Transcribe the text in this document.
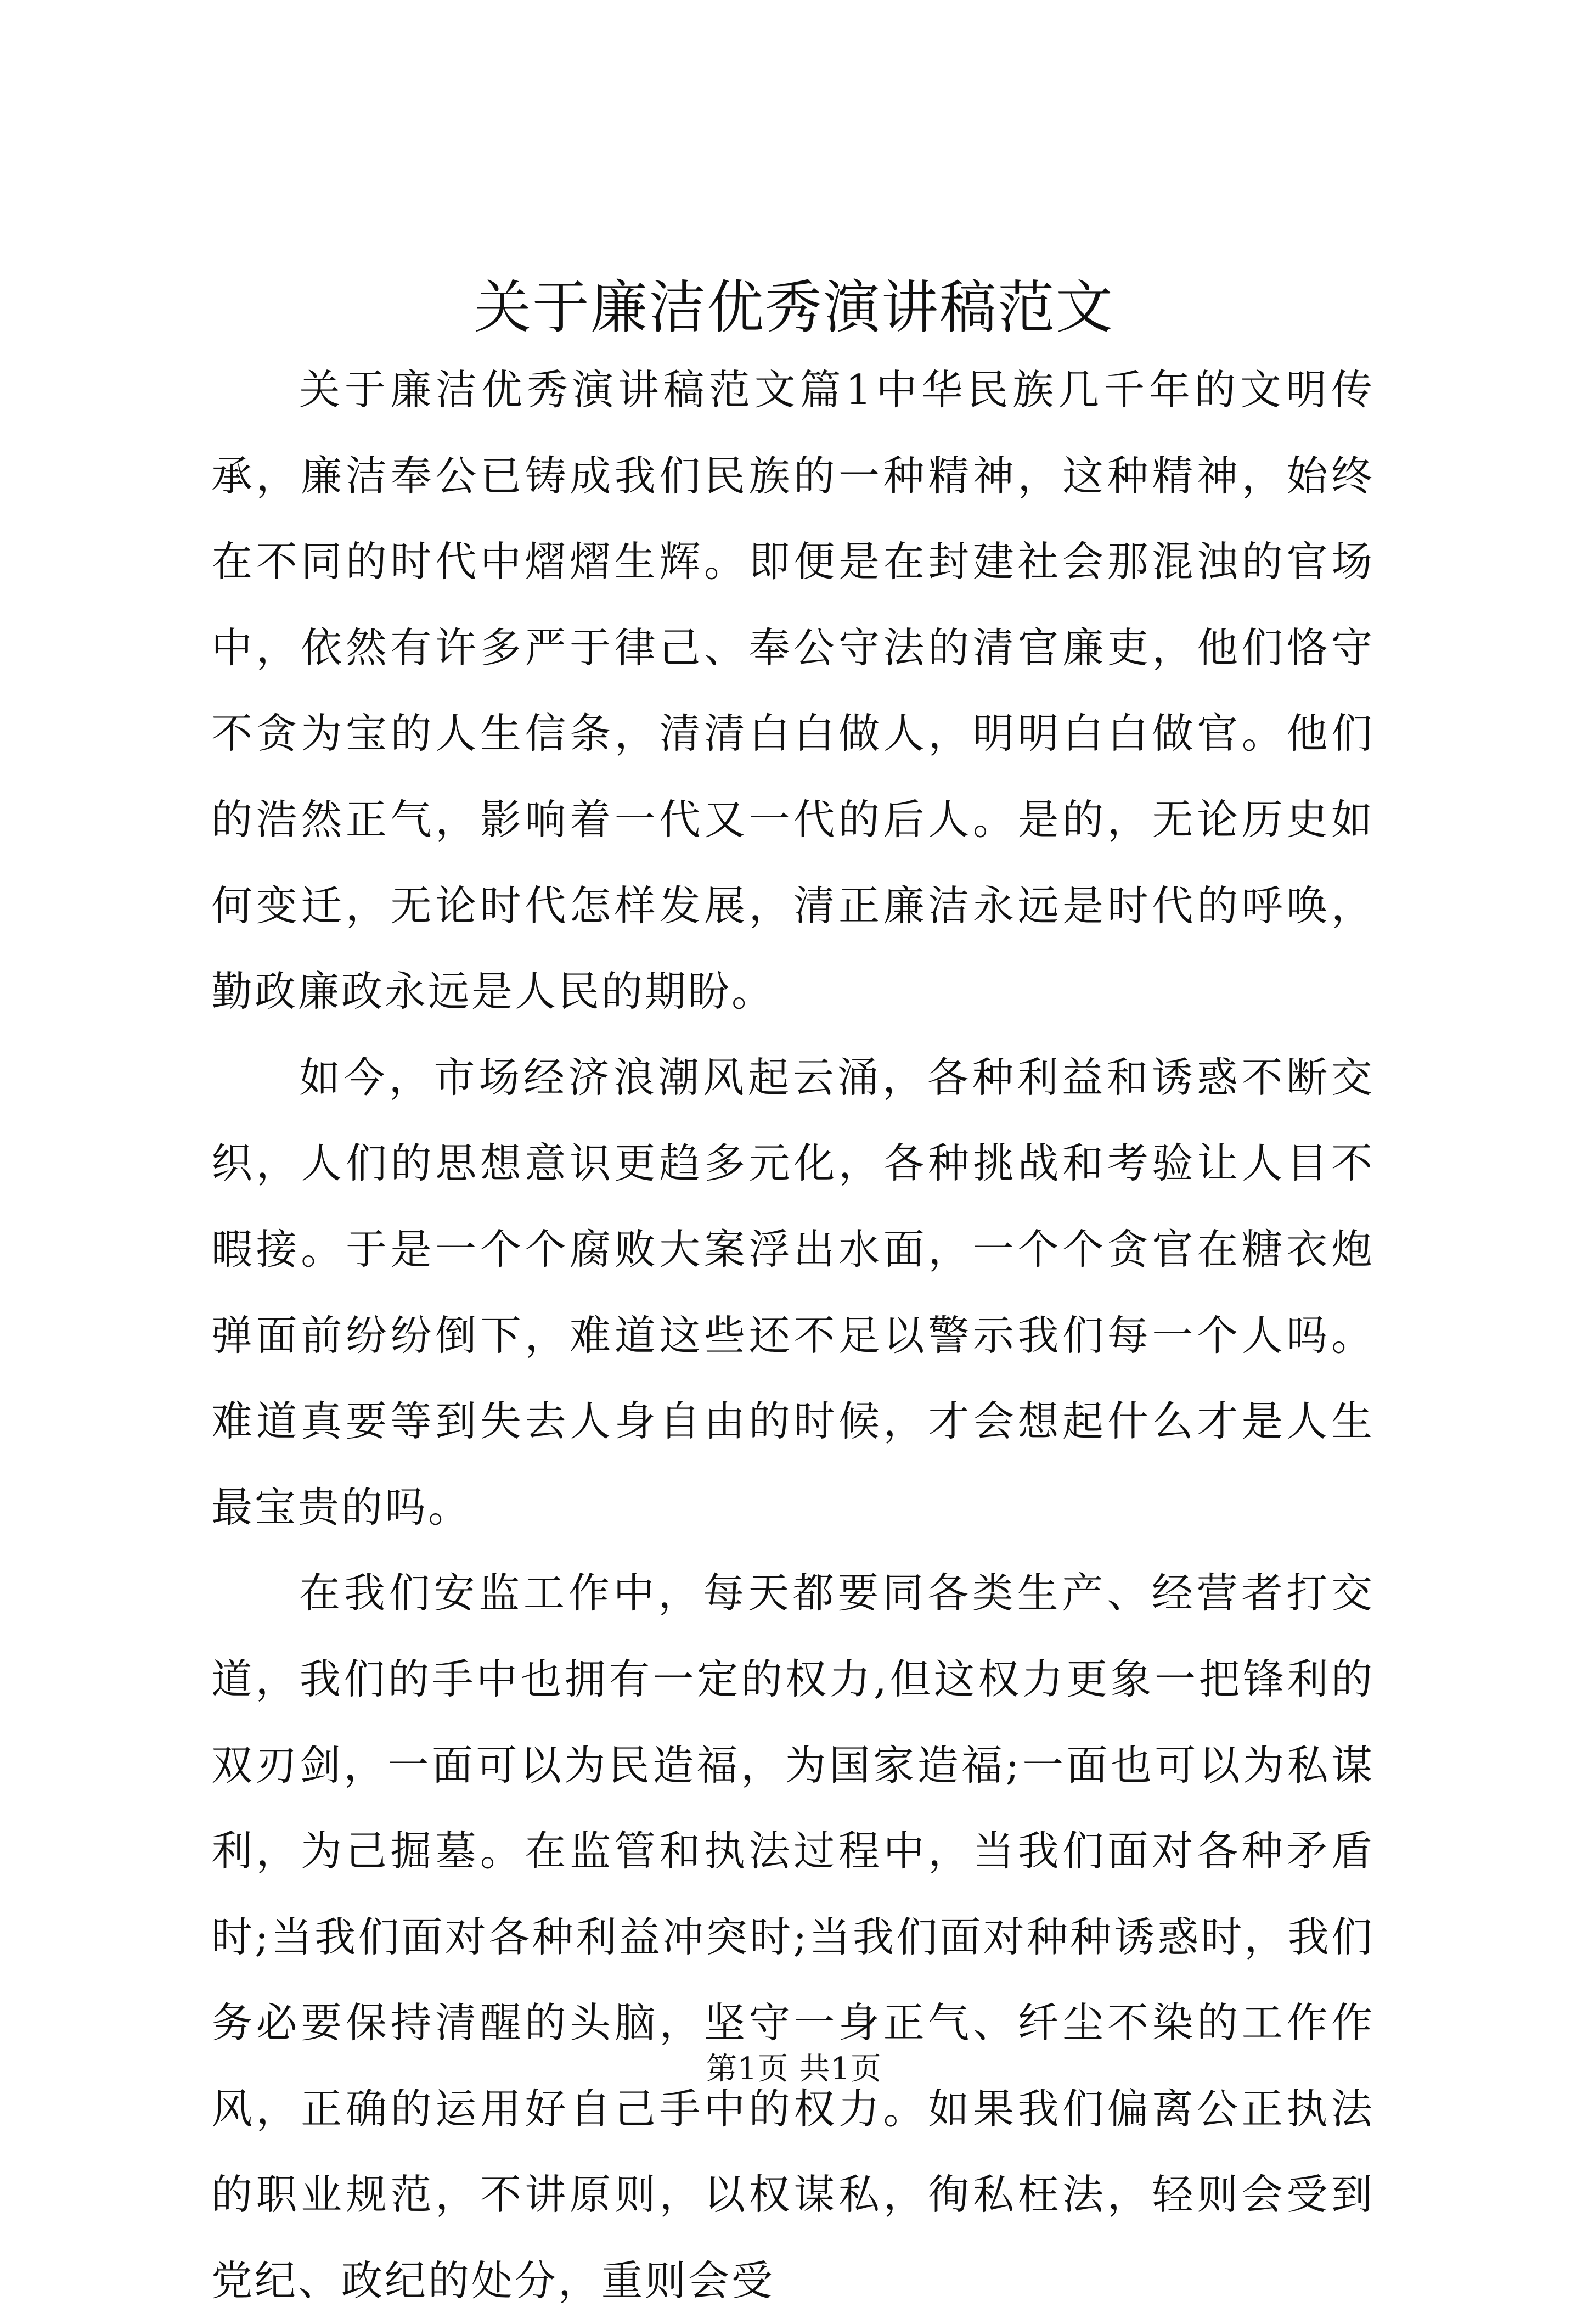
关于廉洁优秀演讲稿范文

关于廉洁优秀演讲稿范文篇1中华民族几千年的文明传承，廉洁奉公已铸成我们民族的一种精神，这种精神，始终在不同的时代中熠熠生辉。即便是在封建社会那混浊的官场中，依然有许多严于律己、奉公守法的清官廉吏，他们恪守不贪为宝的人生信条，清清白白做人，明明白白做官。他们的浩然正气，影响着一代又一代的后人。是的，无论历史如何变迁，无论时代怎样发展，清正廉洁永远是时代的呼唤，勤政廉政永远是人民的期盼。

如今，市场经济浪潮风起云涌，各种利益和诱惑不断交织，人们的思想意识更趋多元化，各种挑战和考验让人目不暇接。于是一个个腐败大案浮出水面，一个个贪官在糖衣炮弹面前纷纷倒下，难道这些还不足以警示我们每一个人吗。难道真要等到失去人身自由的时候，才会想起什么才是人生最宝贵的吗。

在我们安监工作中，每天都要同各类生产、经营者打交道，我们的手中也拥有一定的权力,但这权力更象一把锋利的双刃剑，一面可以为民造福，为国家造福;一面也可以为私谋利，为己掘墓。在监管和执法过程中，当我们面对各种矛盾时;当我们面对各种利益冲突时;当我们面对种种诱惑时，我们务必要保持清醒的头脑，坚守一身正气、纤尘不染的工作作风，正确的运用好自己手中的权力。如果我们偏离公正执法的职业规范，不讲原则，以权谋私，徇私枉法，轻则会受到党纪、政纪的处分，重则会受

第1页 共1页
